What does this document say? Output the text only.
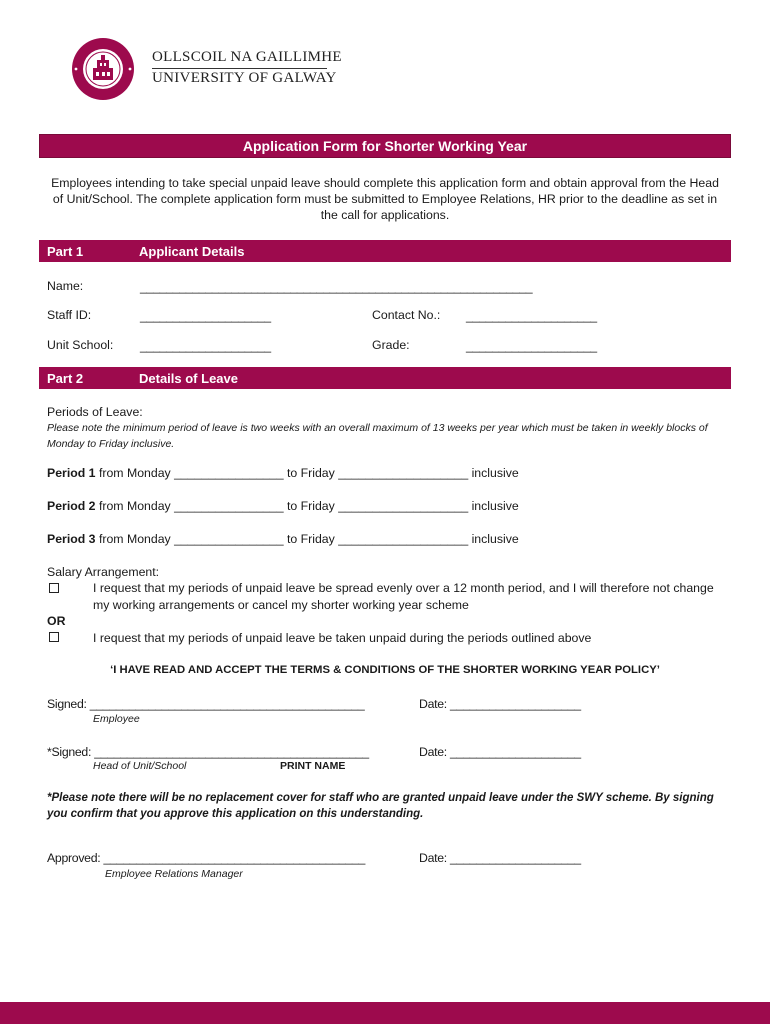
OLLSCOIL NA GAILLIMHE
UNIVERSITY OF GALWAY
Application Form for Shorter Working Year
Employees intending to take special unpaid leave should complete this application form and obtain approval from the Head of Unit/School. The complete application form must be submitted to Employee Relations, HR prior to the deadline as set in the call for applications.
Part 1	Applicant Details
Name:	____________________________________________________________
Staff ID:	____________________	Contact No.: ____________________
Unit School: ____________________	Grade:	____________________
Part 2	Details of Leave
Periods of Leave:
Please note the minimum period of leave is two weeks with an overall maximum of 13 weeks per year which must be taken in weekly blocks of Monday to Friday inclusive.
Period 1 from Monday ________________ to Friday ___________________ inclusive
Period 2 from Monday ________________ to Friday ___________________ inclusive
Period 3 from Monday ________________ to Friday ___________________ inclusive
Salary Arrangement:
I request that my periods of unpaid leave be spread evenly over a 12 month period, and I will therefore not change my working arrangements or cancel my shorter working year scheme
OR
I request that my periods of unpaid leave be taken unpaid during the periods outlined above
‘I HAVE READ AND ACCEPT THE TERMS & CONDITIONS OF THE SHORTER WORKING YEAR POLICY’
Signed: __________________________________________
Employee
Date: ____________________
*Signed: __________________________________________
Head of Unit/School	PRINT NAME
Date: ____________________
*Please note there will be no replacement cover for staff who are granted unpaid leave under the SWY scheme. By signing you confirm that you approve this application on this understanding.
Approved: ________________________________________
Employee Relations Manager
Date: ____________________
